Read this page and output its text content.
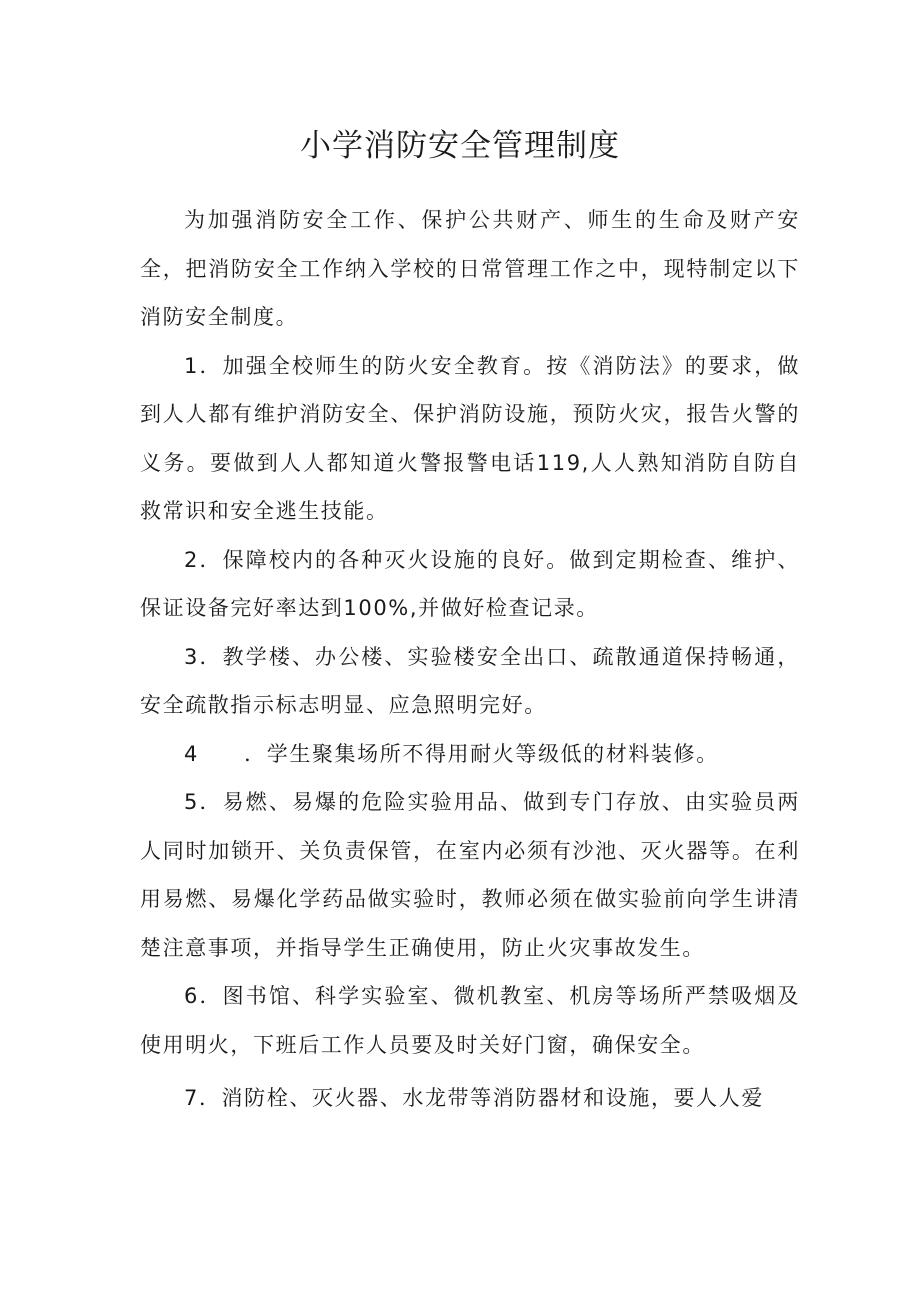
小学消防安全管理制度

为加强消防安全工作、保护公共财产、师生的生命及财产安全，把消防安全工作纳入学校的日常管理工作之中，现特制定以下消防安全制度。

1．加强全校师生的防火安全教育。按《消防法》的要求，做到人人都有维护消防安全、保护消防设施，预防火灾，报告火警的义务。要做到人人都知道火警报警电话119,人人熟知消防自防自救常识和安全逃生技能。

2．保障校内的各种灭火设施的良好。做到定期检查、维护、保证设备完好率达到100%,并做好检查记录。

3．教学楼、办公楼、实验楼安全出口、疏散通道保持畅通，安全疏散指示标志明显、应急照明完好。

4　　．学生聚集场所不得用耐火等级低的材料装修。

5．易燃、易爆的危险实验用品、做到专门存放、由实验员两人同时加锁开、关负责保管，在室内必须有沙池、灭火器等。在利用易燃、易爆化学药品做实验时，教师必须在做实验前向学生讲清楚注意事项，并指导学生正确使用，防止火灾事故发生。

6．图书馆、科学实验室、微机教室、机房等场所严禁吸烟及使用明火，下班后工作人员要及时关好门窗，确保安全。

7．消防栓、灭火器、水龙带等消防器材和设施，要人人爱
